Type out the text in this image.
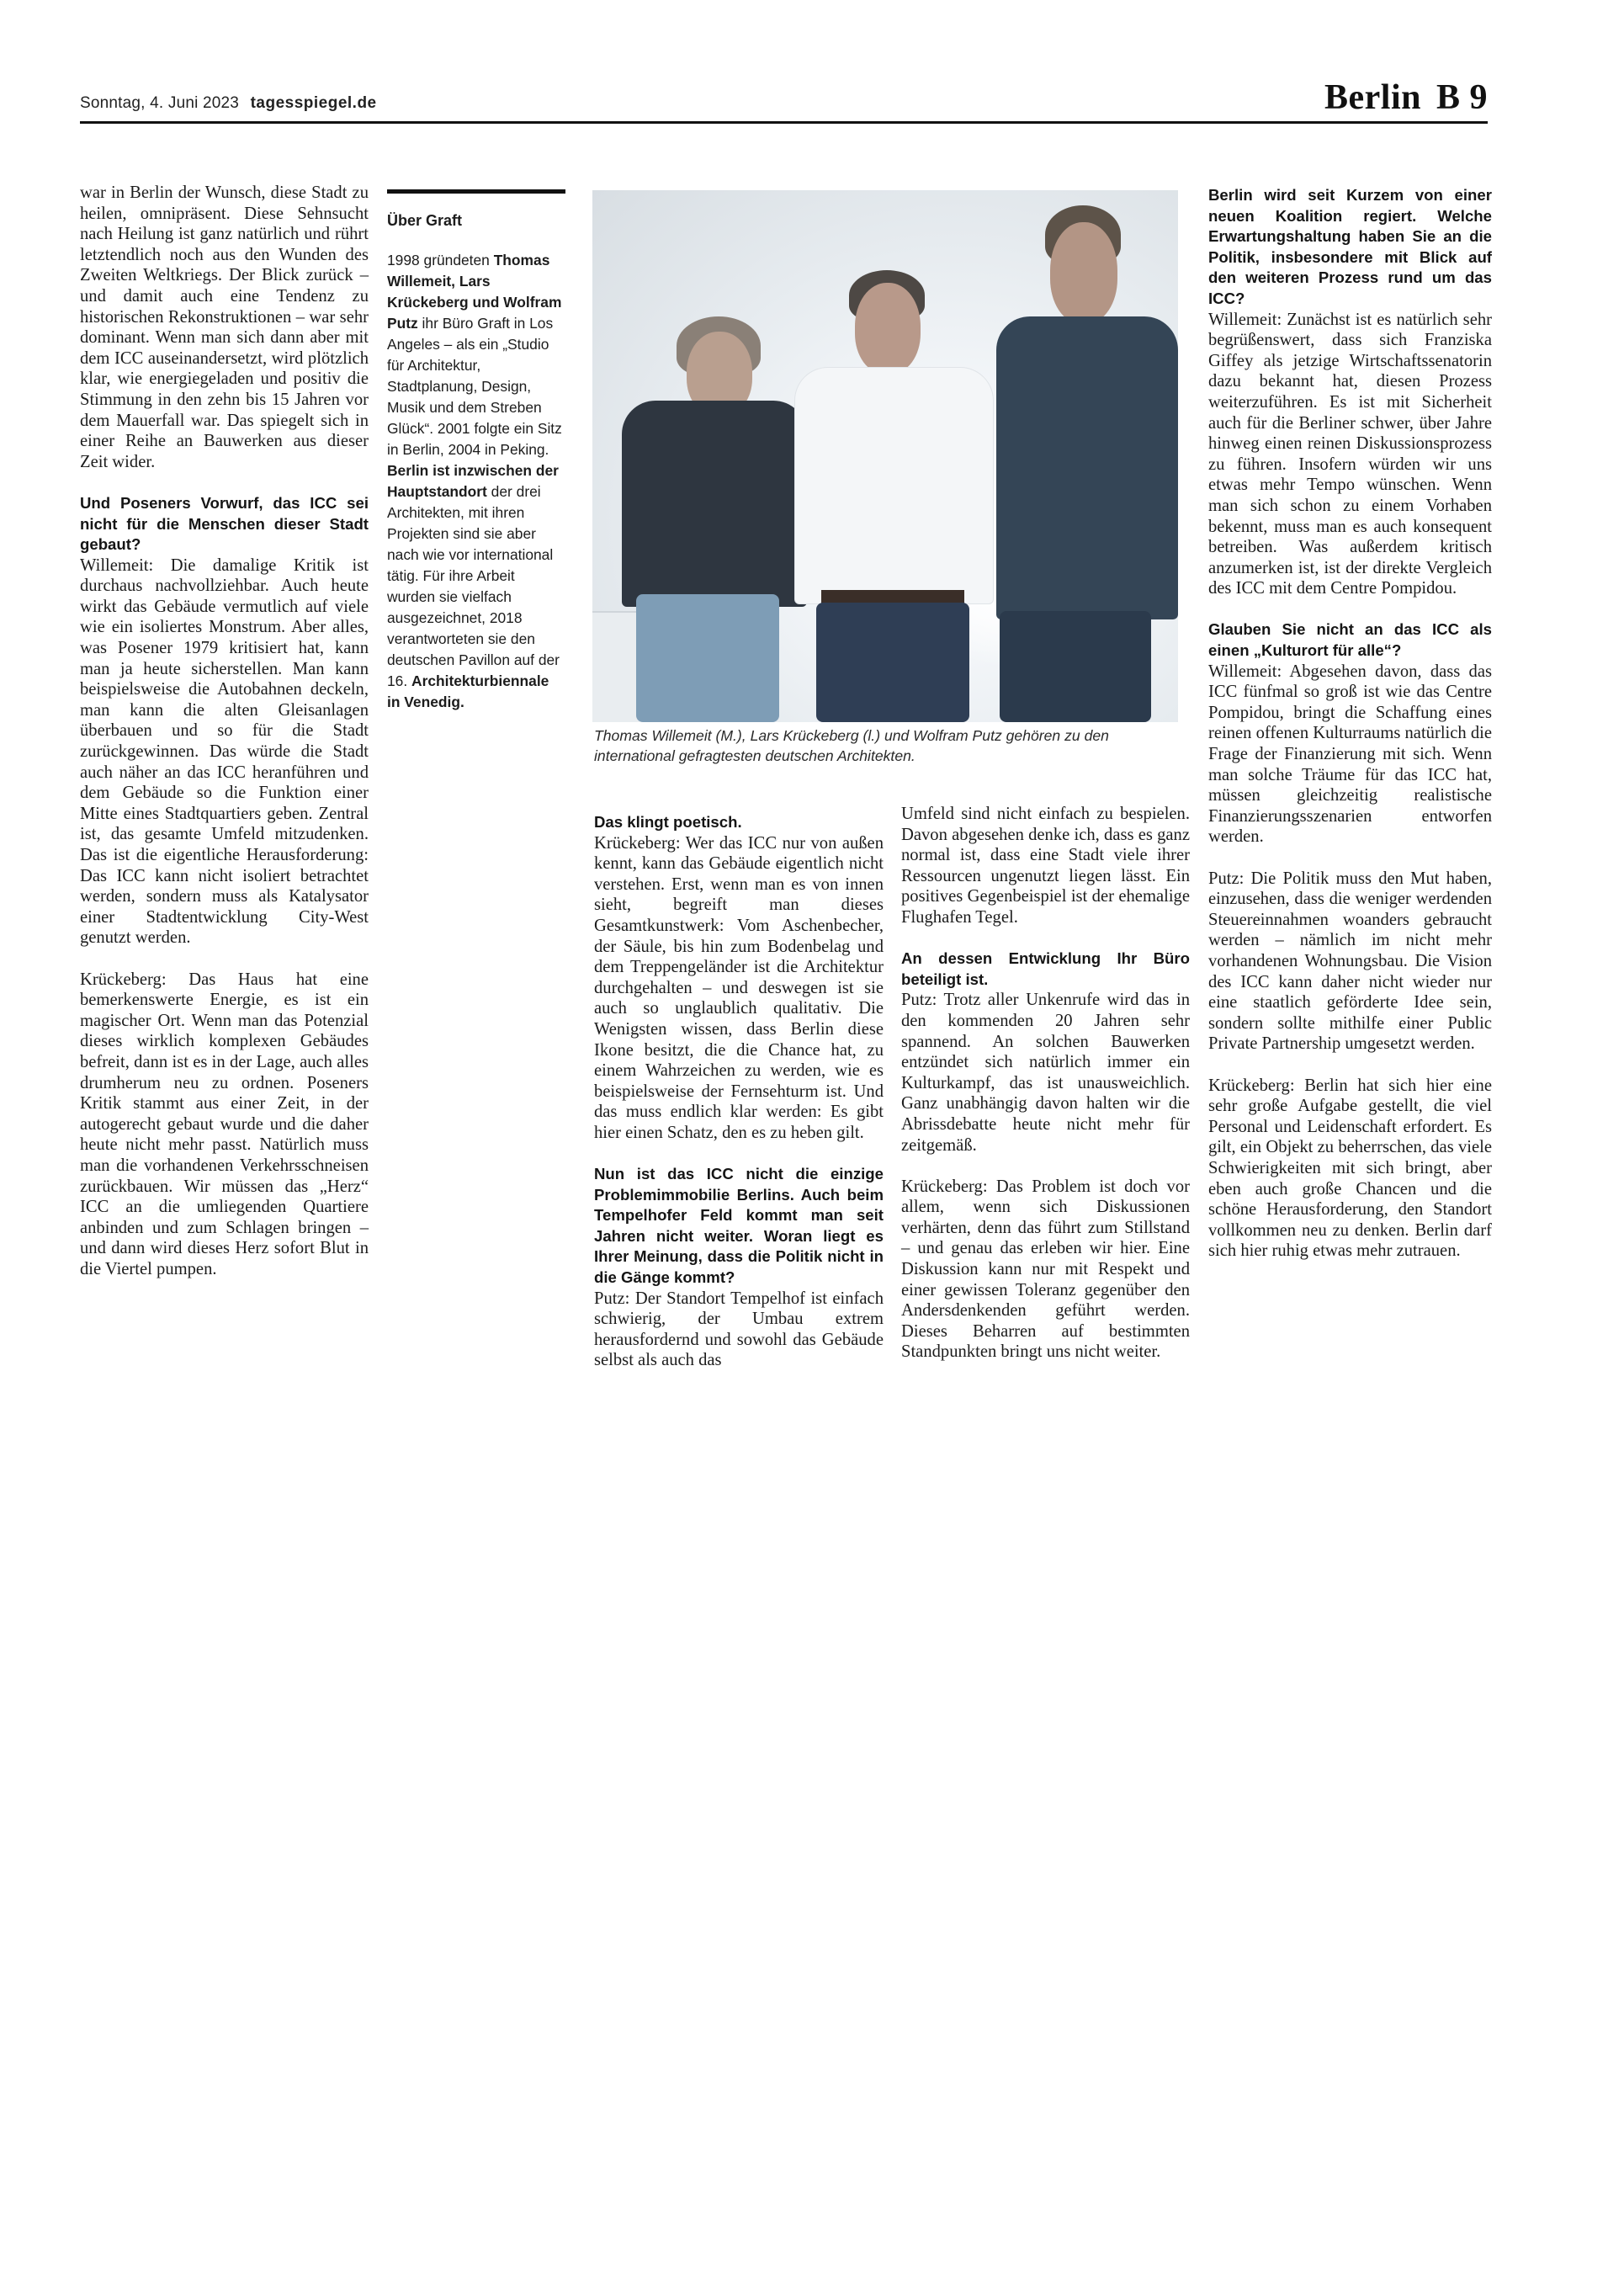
Sonntag, 4. Juni 2023 tagesspiegel.de	Berlin B 9

war in Berlin der Wunsch, diese Stadt zu heilen, omnipräsent. Diese Sehnsucht nach Heilung ist ganz natürlich und rührt letztendlich noch aus den Wunden des Zweiten Weltkriegs. Der Blick zurück – und damit auch eine Tendenz zu historischen Rekonstruktionen – war sehr dominant. Wenn man sich dann aber mit dem ICC auseinandersetzt, wird plötzlich klar, wie energiegeladen und positiv die Stimmung in den zehn bis 15 Jahren vor dem Mauerfall war. Das spiegelt sich in einer Reihe an Bauwerken aus dieser Zeit wider.

Und Poseners Vorwurf, das ICC sei nicht für die Menschen dieser Stadt gebaut?

Willemeit: Die damalige Kritik ist durchaus nachvollziehbar. Auch heute wirkt das Gebäude vermutlich auf viele wie ein isoliertes Monstrum. Aber alles, was Posener 1979 kritisiert hat, kann man ja heute sicherstellen. Man kann beispielsweise die Autobahnen deckeln, man kann die alten Gleisanlagen überbauen und so für die Stadt zurückgewinnen. Das würde die Stadt auch näher an das ICC heranführen und dem Gebäude so die Funktion einer Mitte eines Stadtquartiers geben. Zentral ist, das gesamte Umfeld mitzudenken. Das ist die eigentliche Herausforderung: Das ICC kann nicht isoliert betrachtet werden, sondern muss als Katalysator einer Stadtentwicklung City-West genutzt werden.

Krückeberg: Das Haus hat eine bemerkenswerte Energie, es ist ein magischer Ort. Wenn man das Potenzial dieses wirklich komplexen Gebäudes befreit, dann ist es in der Lage, auch alles drumherum neu zu ordnen. Poseners Kritik stammt aus einer Zeit, in der autogerecht gebaut wurde und die daher heute nicht mehr passt. Natürlich muss man die vorhandenen Verkehrsschneisen zurückbauen. Wir müssen das „Herz“ ICC an die umliegenden Quartiere anbinden und zum Schlagen bringen – und dann wird dieses Herz sofort Blut in die Viertel pumpen.

Über Graft
1998 gründeten Thomas Willemeit, Lars Krückeberg und Wolfram Putz ihr Büro Graft in Los Angeles – als ein „Studio für Architektur, Stadtplanung, Design, Musik und dem Streben Glück“. 2001 folgte ein Sitz in Berlin, 2004 in Peking. Berlin ist inzwischen der Hauptstandort der drei Architekten, mit ihren Projekten sind sie aber nach wie vor international tätig. Für ihre Arbeit wurden sie vielfach ausgezeichnet, 2018 verantworteten sie den deutschen Pavillon auf der 16. Architekturbiennale in Venedig.
Thomas Willemeit (M.), Lars Krückeberg (l.) und Wolfram Putz gehören zu den international gefragtesten deutschen Architekten.
Das klingt poetisch.

Krückeberg: Wer das ICC nur von außen kennt, kann das Gebäude eigentlich nicht verstehen. Erst, wenn man es von innen sieht, begreift man dieses Gesamtkunstwerk: Vom Aschenbecher, der Säule, bis hin zum Bodenbelag und dem Treppengeländer ist die Architektur durchgehalten – und deswegen ist sie auch so unglaublich qualitativ. Die Wenigsten wissen, dass Berlin diese Ikone besitzt, die die Chance hat, zu einem Wahrzeichen zu werden, wie es beispielsweise der Fernsehturm ist. Und das muss endlich klar werden: Es gibt hier einen Schatz, den es zu heben gilt.

Nun ist das ICC nicht die einzige Problemimmobilie Berlins. Auch beim Tempelhofer Feld kommt man seit Jahren nicht weiter. Woran liegt es Ihrer Meinung, dass die Politik nicht in die Gänge kommt?

Putz: Der Standort Tempelhof ist einfach schwierig, der Umbau extrem herausfordernd und sowohl das Gebäude selbst als auch das

Umfeld sind nicht einfach zu bespielen. Davon abgesehen denke ich, dass es ganz normal ist, dass eine Stadt viele ihrer Ressourcen ungenutzt liegen lässt. Ein positives Gegenbeispiel ist der ehemalige Flughafen Tegel.

An dessen Entwicklung Ihr Büro beteiligt ist.

Putz: Trotz aller Unkenrufe wird das in den kommenden 20 Jahren sehr spannend. An solchen Bauwerken entzündet sich natürlich immer ein Kulturkampf, das ist unausweichlich. Ganz unabhängig davon halten wir die Abrissdebatte heute nicht mehr für zeitgemäß.

Krückeberg: Das Problem ist doch vor allem, wenn sich Diskussionen verhärten, denn das führt zum Stillstand – und genau das erleben wir hier. Eine Diskussion kann nur mit Respekt und einer gewissen Toleranz gegenüber den Andersdenkenden geführt werden. Dieses Beharren auf bestimmten Standpunkten bringt uns nicht weiter.

Berlin wird seit Kurzem von einer neuen Koalition regiert. Welche Erwartungshaltung haben Sie an die Politik, insbesondere mit Blick auf den weiteren Prozess rund um das ICC?

Willemeit: Zunächst ist es natürlich sehr begrüßenswert, dass sich Franziska Giffey als jetzige Wirtschaftssenatorin dazu bekannt hat, diesen Prozess weiterzuführen. Es ist mit Sicherheit auch für die Berliner schwer, über Jahre hinweg einen reinen Diskussionsprozess zu führen. Insofern würden wir uns etwas mehr Tempo wünschen. Wenn man sich schon zu einem Vorhaben bekennt, muss man es auch konsequent betreiben. Was außerdem kritisch anzumerken ist, ist der direkte Vergleich des ICC mit dem Centre Pompidou.

Glauben Sie nicht an das ICC als einen „Kulturort für alle“?

Willemeit: Abgesehen davon, dass das ICC fünfmal so groß ist wie das Centre Pompidou, bringt die Schaffung eines reinen offenen Kulturraums natürlich die Frage der Finanzierung mit sich. Wenn man solche Träume für das ICC hat, müssen gleichzeitig realistische Finanzierungsszenarien entworfen werden.

Putz: Die Politik muss den Mut haben, einzusehen, dass die weniger werdenden Steuereinnahmen woanders gebraucht werden – nämlich im nicht mehr vorhandenen Wohnungsbau. Die Vision des ICC kann daher nicht wieder nur eine staatlich geförderte Idee sein, sondern sollte mithilfe einer Public Private Partnership umgesetzt werden.

Krückeberg: Berlin hat sich hier eine sehr große Aufgabe gestellt, die viel Personal und Leidenschaft erfordert. Es gilt, ein Objekt zu beherrschen, das viele Schwierigkeiten mit sich bringt, aber eben auch große Chancen und die schöne Herausforderung, den Standort vollkommen neu zu denken. Berlin darf sich hier ruhig etwas mehr zutrauen.
